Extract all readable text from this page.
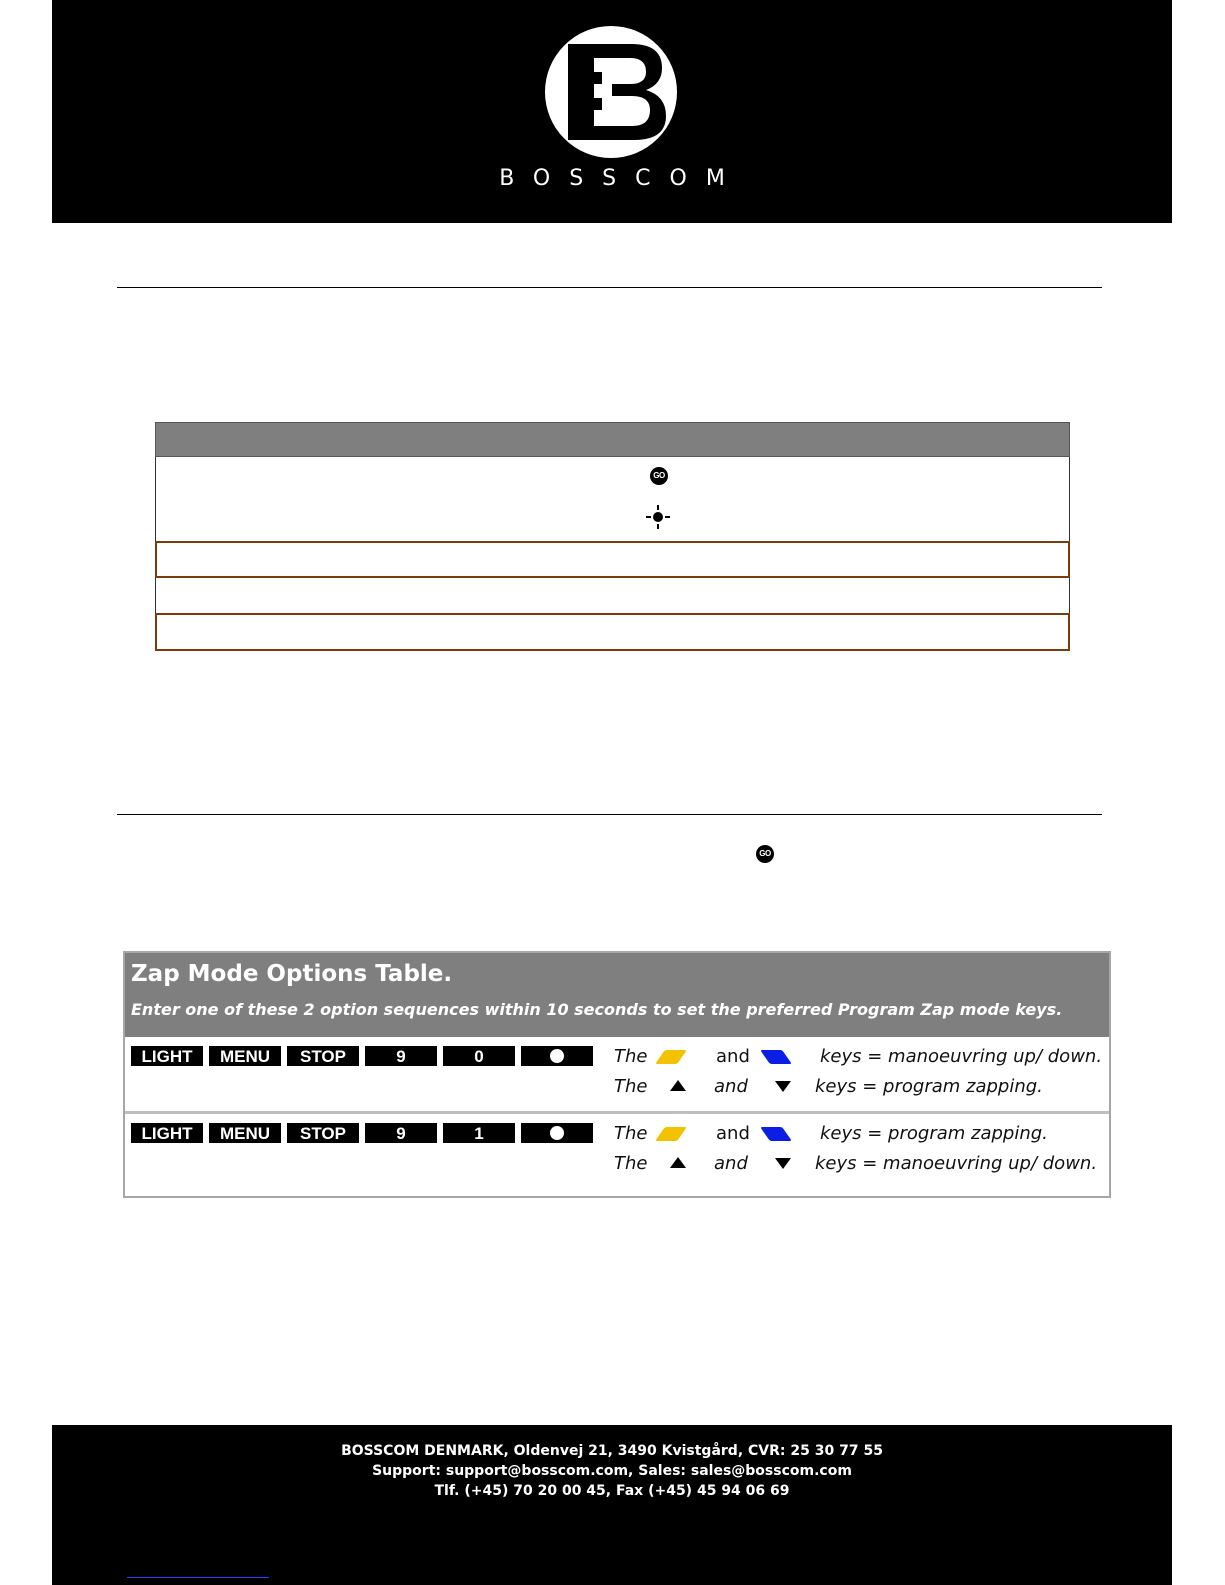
BOSSCOM
GO
GO
Zap Mode Options Table.
Enter one of these 2 option sequences within 10 seconds to set the preferred Program Zap mode keys.
LIGHT	MENU	STOP	9	0	The	and	keys = manoeuvring up/ down.
The	and	keys = program zapping.
LIGHT	MENU	STOP	9	1	The	and	keys = program zapping.
The	and	keys = manoeuvring up/ down.
BOSSCOM DENMARK, Oldenvej 21, 3490 Kvistgård, CVR: 25 30 77 55
Support: support@bosscom.com, Sales: sales@bosscom.com
Tlf. (+45) 70 20 00 45, Fax (+45) 45 94 06 69
